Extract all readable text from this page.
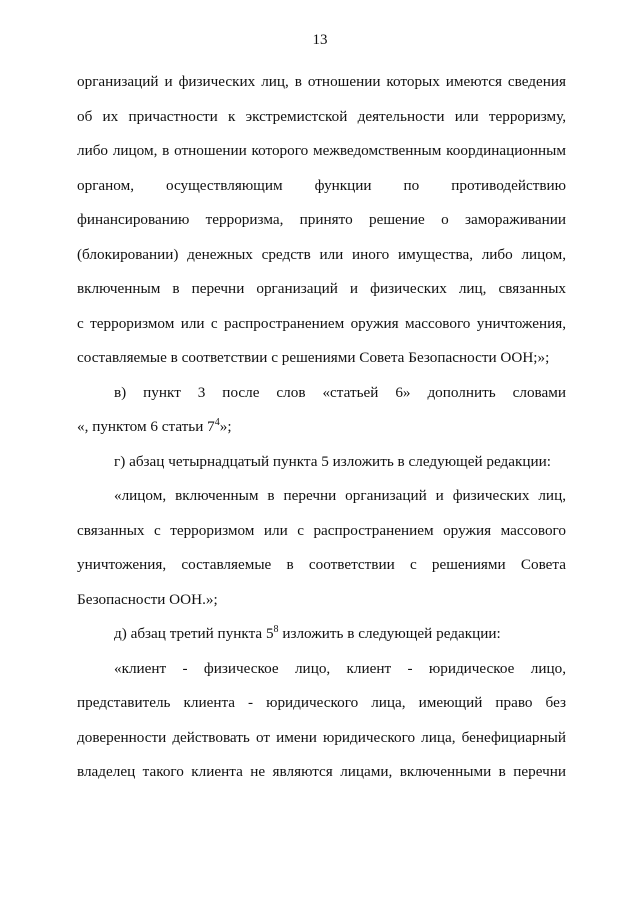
13
организаций и физических лиц, в отношении которых имеются сведения
об их причастности к экстремистской деятельности или терроризму,
либо лицом, в отношении которого межведомственным координационным
органом, осуществляющим функции по противодействию
финансированию терроризма, принято решение о замораживании
(блокировании) денежных средств или иного имущества, либо лицом,
включенным в перечни организаций и физических лиц, связанных
с терроризмом или с распространением оружия массового уничтожения,
составляемые в соответствии с решениями Совета Безопасности ООН;»;
в) пункт 3 после слов «статьей 6» дополнить словами
«, пунктом 6 статьи $7^4$»;
г) абзац четырнадцатый пункта 5 изложить в следующей редакции:
«лицом, включенным в перечни организаций и физических лиц,
связанных с терроризмом или с распространением оружия массового
уничтожения, составляемые в соответствии с решениями Совета
Безопасности ООН.»;
д) абзац третий пункта $5^8$ изложить в следующей редакции:
«клиент - физическое лицо, клиент - юридическое лицо,
представитель клиента - юридического лица, имеющий право без
доверенности действовать от имени юридического лица, бенефициарный
владелец такого клиента не являются лицами, включенными в перечни
